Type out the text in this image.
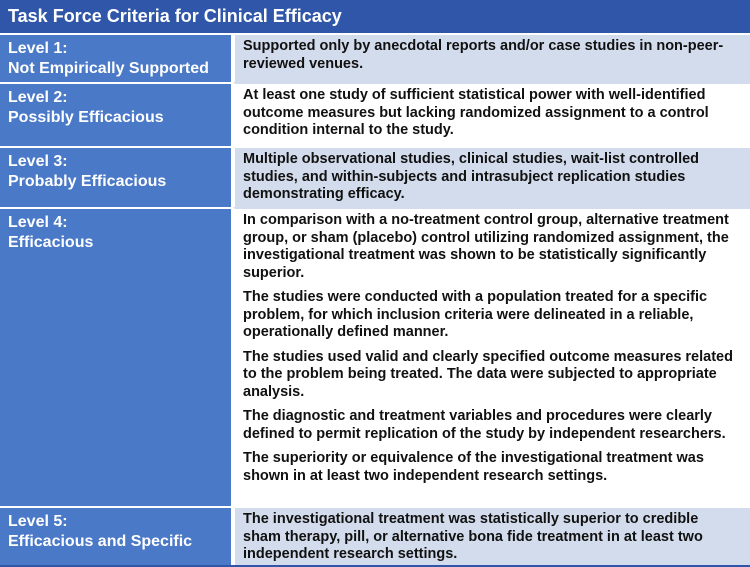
Task Force Criteria for Clinical Efficacy
Level 1:
Not Empirically Supported

Supported only by anecdotal reports and/or case studies in non-peer-
reviewed venues.

Level 2:
Possibly Efficacious

At least one study of sufficient statistical power with well-identified
outcome measures but lacking randomized assignment to a control
condition internal to the study.

Level 3:
Probably Efficacious

Multiple observational studies, clinical studies, wait-list controlled
studies, and within-subjects and intrasubject replication studies
demonstrating efficacy.

Level 4:
Efficacious

In comparison with a no-treatment control group, alternative treatment
group, or sham (placebo) control utilizing randomized assignment, the
investigational treatment was shown to be statistically significantly
superior.

The studies were conducted with a population treated for a specific
problem, for which inclusion criteria were delineated in a reliable,
operationally defined manner.

The studies used valid and clearly specified outcome measures related
to the problem being treated. The data were subjected to appropriate
analysis.

The diagnostic and treatment variables and procedures were clearly
defined to permit replication of the study by independent researchers.

The superiority or equivalence of the investigational treatment was
shown in at least two independent research settings.

Level 5:
Efficacious and Specific

The investigational treatment was statistically superior to credible
sham therapy, pill, or alternative bona fide treatment in at least two
independent research settings.
